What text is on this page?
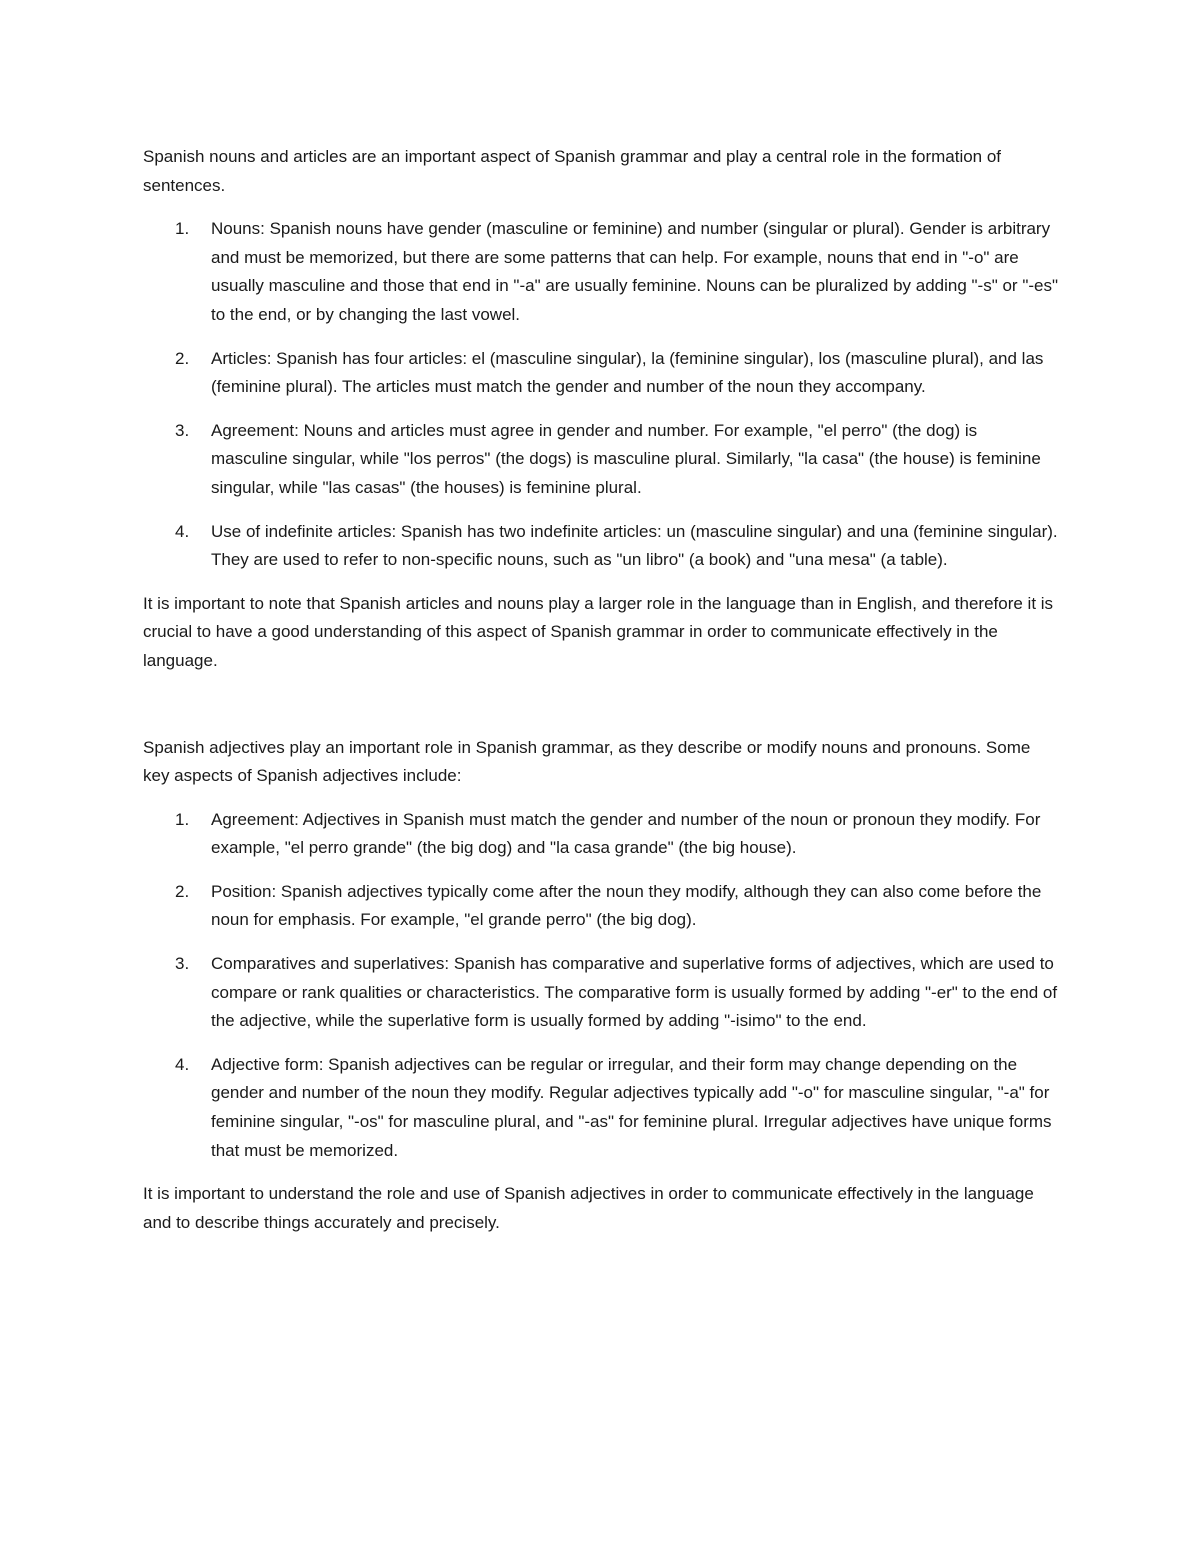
Spanish nouns and articles are an important aspect of Spanish grammar and play a central role in the formation of sentences.

1. Nouns: Spanish nouns have gender (masculine or feminine) and number (singular or plural). Gender is arbitrary and must be memorized, but there are some patterns that can help. For example, nouns that end in "-o" are usually masculine and those that end in "-a" are usually feminine. Nouns can be pluralized by adding "-s" or "-es" to the end, or by changing the last vowel.
2. Articles: Spanish has four articles: el (masculine singular), la (feminine singular), los (masculine plural), and las (feminine plural). The articles must match the gender and number of the noun they accompany.
3. Agreement: Nouns and articles must agree in gender and number. For example, "el perro" (the dog) is masculine singular, while "los perros" (the dogs) is masculine plural. Similarly, "la casa" (the house) is feminine singular, while "las casas" (the houses) is feminine plural.
4. Use of indefinite articles: Spanish has two indefinite articles: un (masculine singular) and una (feminine singular). They are used to refer to non-specific nouns, such as "un libro" (a book) and "una mesa" (a table).

It is important to note that Spanish articles and nouns play a larger role in the language than in English, and therefore it is crucial to have a good understanding of this aspect of Spanish grammar in order to communicate effectively in the language.

Spanish adjectives play an important role in Spanish grammar, as they describe or modify nouns and pronouns. Some key aspects of Spanish adjectives include:

1. Agreement: Adjectives in Spanish must match the gender and number of the noun or pronoun they modify. For example, "el perro grande" (the big dog) and "la casa grande" (the big house).
2. Position: Spanish adjectives typically come after the noun they modify, although they can also come before the noun for emphasis. For example, "el grande perro" (the big dog).
3. Comparatives and superlatives: Spanish has comparative and superlative forms of adjectives, which are used to compare or rank qualities or characteristics. The comparative form is usually formed by adding "-er" to the end of the adjective, while the superlative form is usually formed by adding "-isimo" to the end.
4. Adjective form: Spanish adjectives can be regular or irregular, and their form may change depending on the gender and number of the noun they modify. Regular adjectives typically add "-o" for masculine singular, "-a" for feminine singular, "-os" for masculine plural, and "-as" for feminine plural. Irregular adjectives have unique forms that must be memorized.

It is important to understand the role and use of Spanish adjectives in order to communicate effectively in the language and to describe things accurately and precisely.
